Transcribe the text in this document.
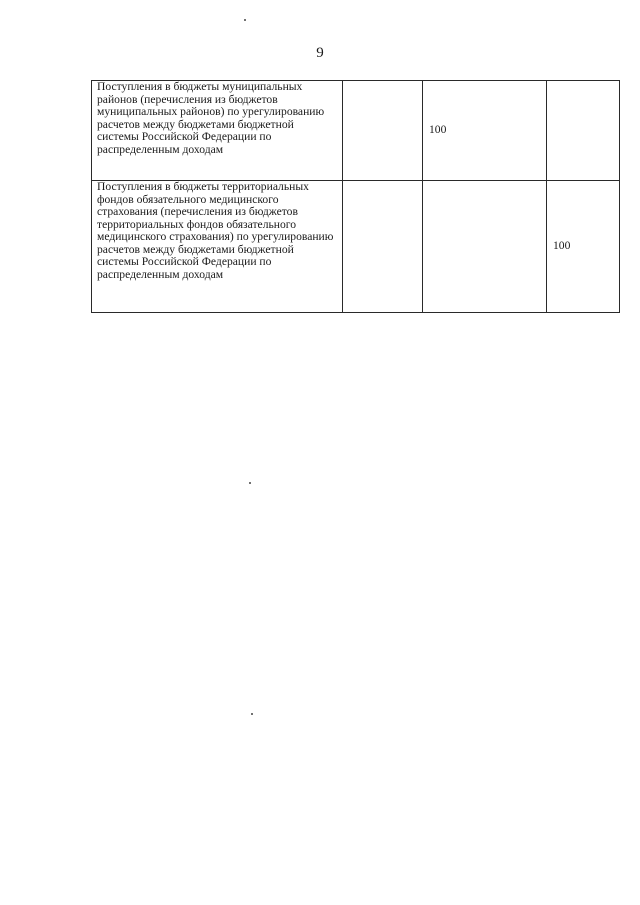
9
Поступления в бюджеты муниципальных районов (перечисления из бюджетов муниципальных районов) по урегулированию расчетов между бюджетами бюджетной системы Российской Федерации по распределенным доходам		100	
Поступления в бюджеты территориальных фондов обязательного медицинского страхования (перечисления из бюджетов территориальных фондов обязательного медицинского страхования) по урегулированию расчетов между бюджетами бюджетной системы Российской Федерации по распределенным доходам			100
